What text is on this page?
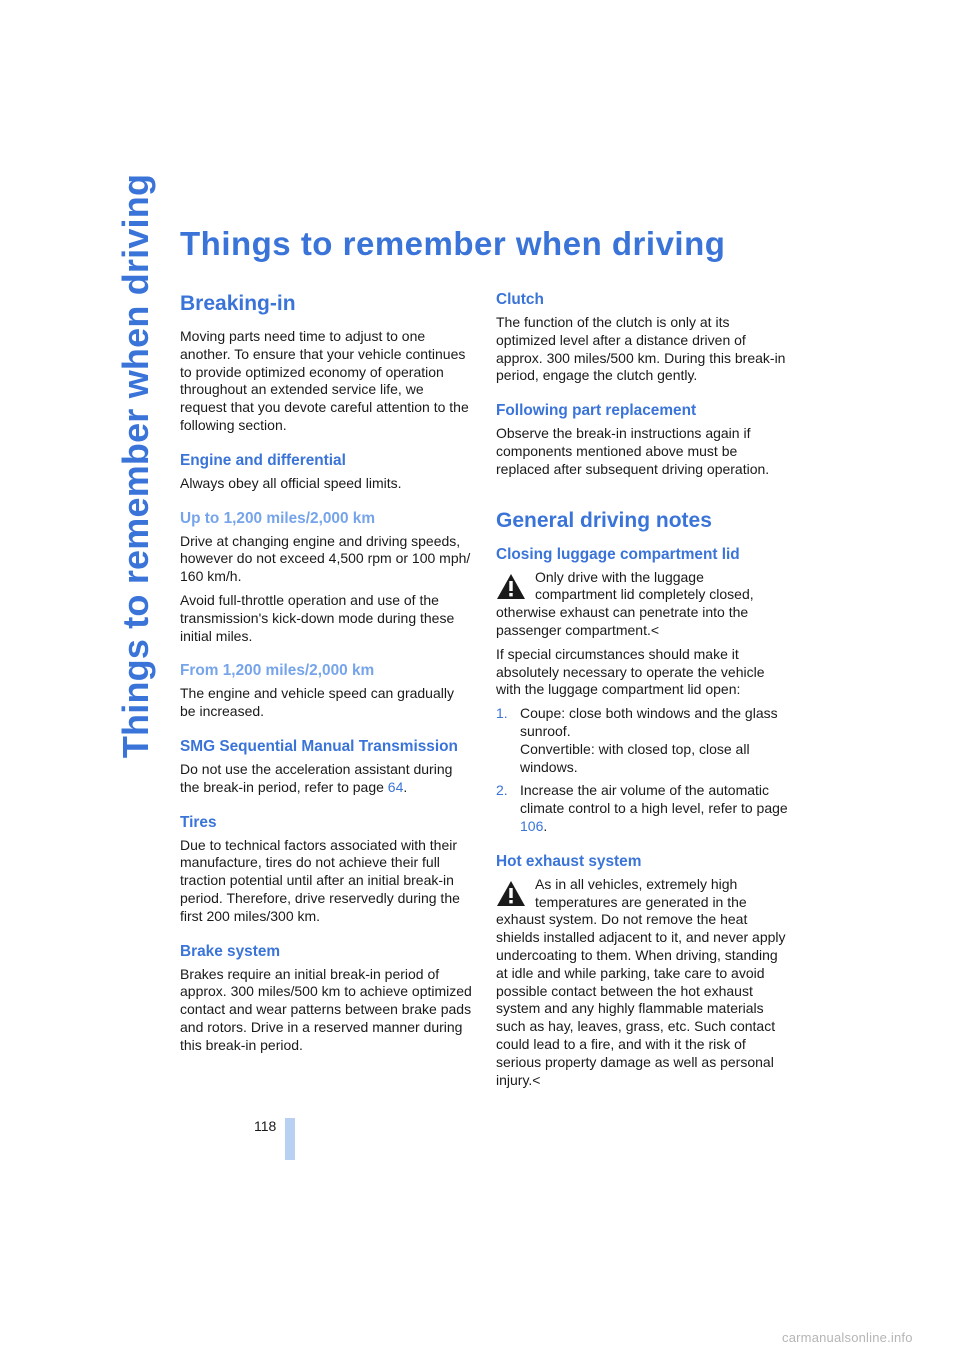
Things to remember when driving Things to remember when driving
Breaking-in

Moving parts need time to adjust to one another. To ensure that your vehicle continues to provide optimized economy of operation throughout an extended service life, we request that you devote careful attention to the following section.

Engine and differential

Always obey all official speed limits.

Up to 1,200 miles/2,000 km

Drive at changing engine and driving speeds, however do not exceed 4,500 rpm or 100 mph/ 160 km/h.

Avoid full-throttle operation and use of the transmission's kick-down mode during these initial miles.

From 1,200 miles/2,000 km

The engine and vehicle speed can gradually be increased.

SMG Sequential Manual Transmission

Do not use the acceleration assistant during the break-in period, refer to page 64.

Tires

Due to technical factors associated with their manufacture, tires do not achieve their full traction potential until after an initial break-in period. Therefore, drive reservedly during the first 200 miles/300 km.

Brake system

Brakes require an initial break-in period of approx. 300 miles/500 km to achieve optimized contact and wear patterns between brake pads and rotors. Drive in a reserved manner during this break-in period.

Clutch

The function of the clutch is only at its optimized level after a distance driven of approx. 300 miles/500 km. During this break-in period, engage the clutch gently.

Following part replacement

Observe the break-in instructions again if components mentioned above must be replaced after subsequent driving operation.

General driving notes
Closing luggage compartment lid

Only drive with the luggage compartment lid completely closed, otherwise exhaust can penetrate into the passenger compartment.<

If special circumstances should make it absolutely necessary to operate the vehicle with the luggage compartment lid open:

1. Coupe: close both windows and the glass sunroof.
Convertible: with closed top, close all windows.
2. Increase the air volume of the automatic climate control to a high level, refer to page 106.
Hot exhaust system

As in all vehicles, extremely high temperatures are generated in the exhaust system. Do not remove the heat shields installed adjacent to it, and never apply undercoating to them. When driving, standing at idle and while parking, take care to avoid possible contact between the hot exhaust system and any highly flammable materials such as hay, leaves, grass, etc. Such contact could lead to a fire, and with it the risk of serious property damage as well as personal injury.<

118
carmanualsonline.info
